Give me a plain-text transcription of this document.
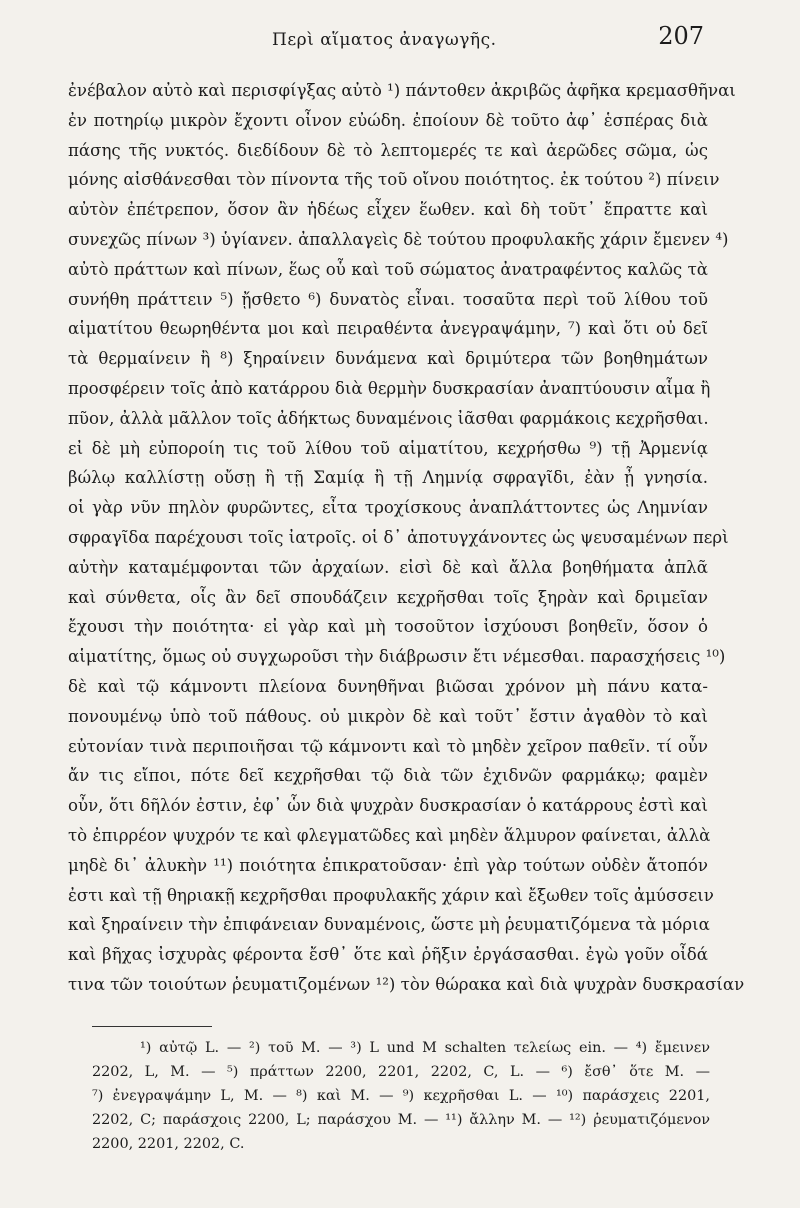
Περὶ αἵματος ἀναγωγῆς.	207
ἐνέβαλον αὐτὸ καὶ περισφίγξας αὐτὸ ¹) πάντοθεν ἀκριβῶς ἀφῆκα κρεμασθῆναι
ἐν ποτηρίῳ μικρὸν ἔχοντι οἶνον εὐώδη. ἐποίουν δὲ τοῦτο ἀφ᾽ ἑσπέρας διὰ
πάσης τῆς νυκτός. διεδίδουν δὲ τὸ λεπτομερές τε καὶ ἀερῶδες σῶμα, ὡς
μόνης αἰσθάνεσθαι τὸν πίνοντα τῆς τοῦ οἴνου ποιότητος. ἐκ τούτου ²) πίνειν
αὐτὸν ἐπέτρεπον, ὅσον ἂν ἡδέως εἶχεν ἕωθεν. καὶ δὴ τοῦτ᾽ ἔπραττε καὶ
συνεχῶς πίνων ³) ὑγίανεν. ἀπαλλαγεὶς δὲ τούτου προφυλακῆς χάριν ἔμενεν ⁴)
αὐτὸ πράττων καὶ πίνων, ἕως οὗ καὶ τοῦ σώματος ἀνατραφέντος καλῶς τὰ
συνήθη πράττειν ⁵) ᾔσθετο ⁶) δυνατὸς εἶναι. τοσαῦτα περὶ τοῦ λίθου τοῦ
αἱματίτου θεωρηθέντα μοι καὶ πειραθέντα ἀνεγραψάμην, ⁷) καὶ ὅτι οὐ δεῖ
τὰ θερμαίνειν ἢ ⁸) ξηραίνειν δυνάμενα καὶ δριμύτερα τῶν βοηθημάτων
προσφέρειν τοῖς ἀπὸ κατάρρου διὰ θερμὴν δυσκρασίαν ἀναπτύουσιν αἷμα ἢ
πῦον, ἀλλὰ μᾶλλον τοῖς ἀδήκτως δυναμένοις ἰᾶσθαι φαρμάκοις κεχρῆσθαι.
εἰ δὲ μὴ εὐποροίη τις τοῦ λίθου τοῦ αἱματίτου, κεχρήσθω ⁹) τῇ Ἀρμενίᾳ
βώλῳ καλλίστῃ οὔσῃ ἢ τῇ Σαμίᾳ ἢ τῇ Λημνίᾳ σφραγῖδι, ἐὰν ᾖ γνησία.
οἱ γὰρ νῦν πηλὸν φυρῶντες, εἶτα τροχίσκους ἀναπλάττοντες ὡς Λημνίαν
σφραγῖδα παρέχουσι τοῖς ἰατροῖς. οἱ δ᾽ ἀποτυγχάνοντες ὡς ψευσαμένων περὶ
αὐτὴν καταμέμφονται τῶν ἀρχαίων. εἰσὶ δὲ καὶ ἄλλα βοηθήματα ἁπλᾶ
καὶ σύνθετα, οἷς ἂν δεῖ σπουδάζειν κεχρῆσθαι τοῖς ξηρὰν καὶ δριμεῖαν
ἔχουσι τὴν ποιότητα· εἰ γὰρ καὶ μὴ τοσοῦτον ἰσχύουσι βοηθεῖν, ὅσον ὁ
αἱματίτης, ὅμως οὐ συγχωροῦσι τὴν διάβρωσιν ἔτι νέμεσθαι. παρασχήσεις ¹⁰)
δὲ καὶ τῷ κάμνοντι πλείονα δυνηθῆναι βιῶσαι χρόνον μὴ πάνυ κατα-
πονουμένῳ ὑπὸ τοῦ πάθους. οὐ μικρὸν δὲ καὶ τοῦτ᾽ ἔστιν ἀγαθὸν τὸ καὶ
εὐτονίαν τινὰ περιποιῆσαι τῷ κάμνοντι καὶ τὸ μηδὲν χεῖρον παθεῖν. τί οὖν
ἄν τις εἴποι, πότε δεῖ κεχρῆσθαι τῷ διὰ τῶν ἐχιδνῶν φαρμάκῳ; φαμὲν
οὖν, ὅτι δῆλόν ἐστιν, ἐφ᾽ ὧν διὰ ψυχρὰν δυσκρασίαν ὁ κατάρρους ἐστὶ καὶ
τὸ ἐπιρρέον ψυχρόν τε καὶ φλεγματῶδες καὶ μηδὲν ἅλμυρον φαίνεται, ἀλλὰ
μηδὲ δι᾽ ἀλυκὴν ¹¹) ποιότητα ἐπικρατοῦσαν· ἐπὶ γὰρ τούτων οὐδὲν ἄτοπόν
ἐστι καὶ τῇ θηριακῇ κεχρῆσθαι προφυλακῆς χάριν καὶ ἔξωθεν τοῖς ἀμύσσειν
καὶ ξηραίνειν τὴν ἐπιφάνειαν δυναμένοις, ὥστε μὴ ῥευματιζόμενα τὰ μόρια
καὶ βῆχας ἰσχυρὰς φέροντα ἔσθ᾽ ὅτε καὶ ῥῆξιν ἐργάσασθαι. ἐγὼ γοῦν οἶδά
τινα τῶν τοιούτων ῥευματιζομένων ¹²) τὸν θώρακα καὶ διὰ ψυχρὰν δυσκρασίαν
¹) αὐτῷ L. — ²) τοῦ M. — ³) L und M schalten τελείως ein. — ⁴) ἔμεινεν
2202, L, M. — ⁵) πράττων 2200, 2201, 2202, C, L. — ⁶) ἔσθ᾽ ὅτε M. —
⁷) ἐνεγραψάμην L, M. — ⁸) καὶ M. — ⁹) κεχρῆσθαι L. — ¹⁰) παράσχεις 2201,
2202, C; παράσχοις 2200, L; παράσχου M. — ¹¹) ἄλλην M. — ¹²) ῥευματιζόμενον
2200, 2201, 2202, C.
